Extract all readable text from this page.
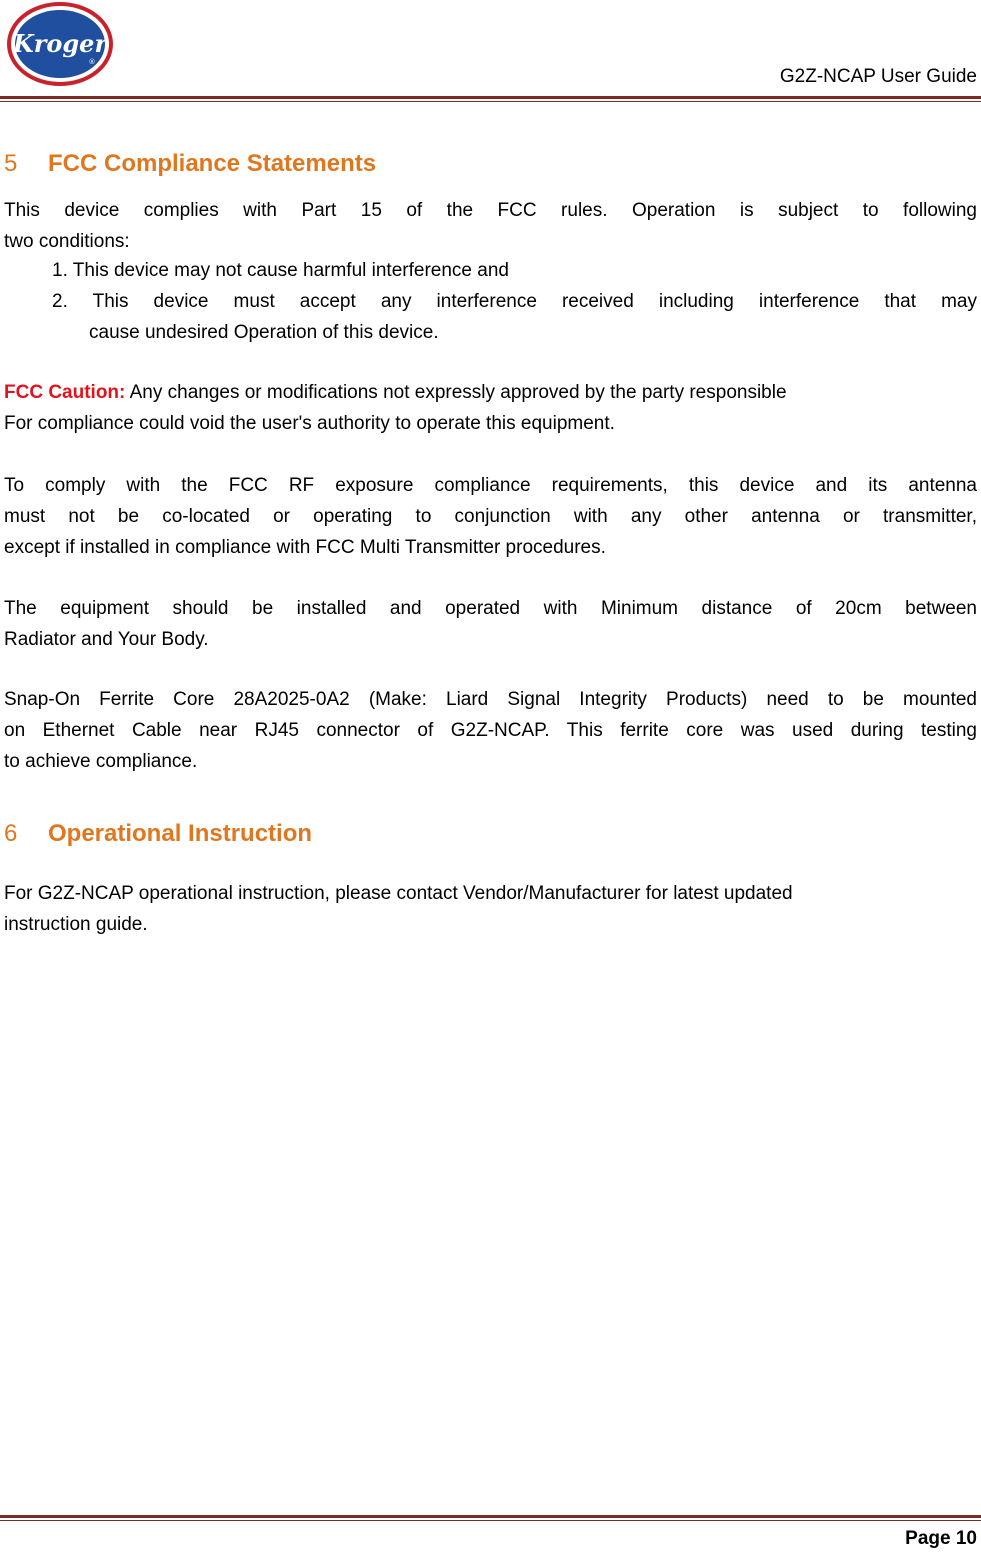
Kroger
®
G2Z-NCAP User Guide
5 FCC Compliance Statements
This device complies with Part 15 of the FCC rules. Operation is subject to following
two conditions:
1. This device may not cause harmful interference and
2. This device must accept any interference received including interference that may
cause undesired Operation of this device.
FCC Caution: Any changes or modifications not expressly approved by the party responsible
For compliance could void the user's authority to operate this equipment.
To comply with the FCC RF exposure compliance requirements, this device and its antenna
must not be co-located or operating to conjunction with any other antenna or transmitter,
except if installed in compliance with FCC Multi Transmitter procedures.
The equipment should be installed and operated with Minimum distance of 20cm between
Radiator and Your Body.
Snap-On Ferrite Core 28A2025-0A2 (Make: Liard Signal Integrity Products) need to be mounted
on Ethernet Cable near RJ45 connector of G2Z-NCAP. This ferrite core was used during testing
to achieve compliance.
6 Operational Instruction
For G2Z-NCAP operational instruction, please contact Vendor/Manufacturer for latest updated
instruction guide.
Page 10
